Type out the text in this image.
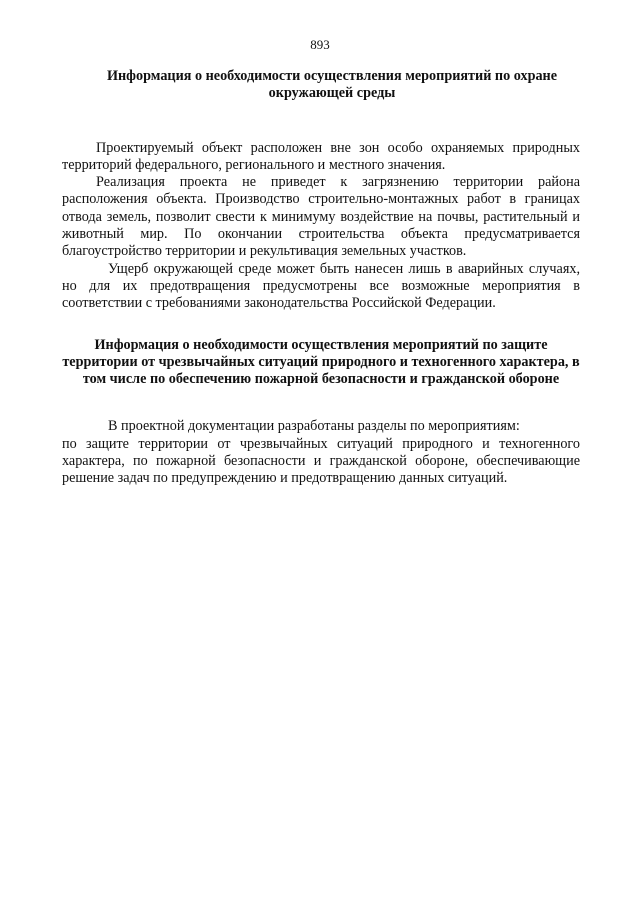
893

Информация о необходимости осуществления мероприятий по охране окружающей среды

Проектируемый объект расположен вне зон особо охраняемых природных территорий федерального, регионального и местного значения.

Реализация проекта не приведет к загрязнению территории района расположения объекта. Производство строительно-монтажных работ в границах отвода земель, позволит свести к минимуму воздействие на почвы, растительный и животный мир. По окончании строительства объекта предусматривается благоустройство территории и рекультивация земельных участков.

Ущерб окружающей среде может быть нанесен лишь в аварийных случаях, но для их предотвращения предусмотрены все возможные мероприятия в соответствии с требованиями законодательства Российской Федерации.

Информация о необходимости осуществления мероприятий по защите территории от чрезвычайных ситуаций природного и техногенного характера, в том числе по обеспечению пожарной безопасности и гражданской обороне

В проектной документации разработаны разделы по мероприятиям:

по защите территории от чрезвычайных ситуаций природного и техногенного характера, по пожарной безопасности и гражданской обороне, обеспечивающие решение задач по предупреждению и предотвращению данных ситуаций.
